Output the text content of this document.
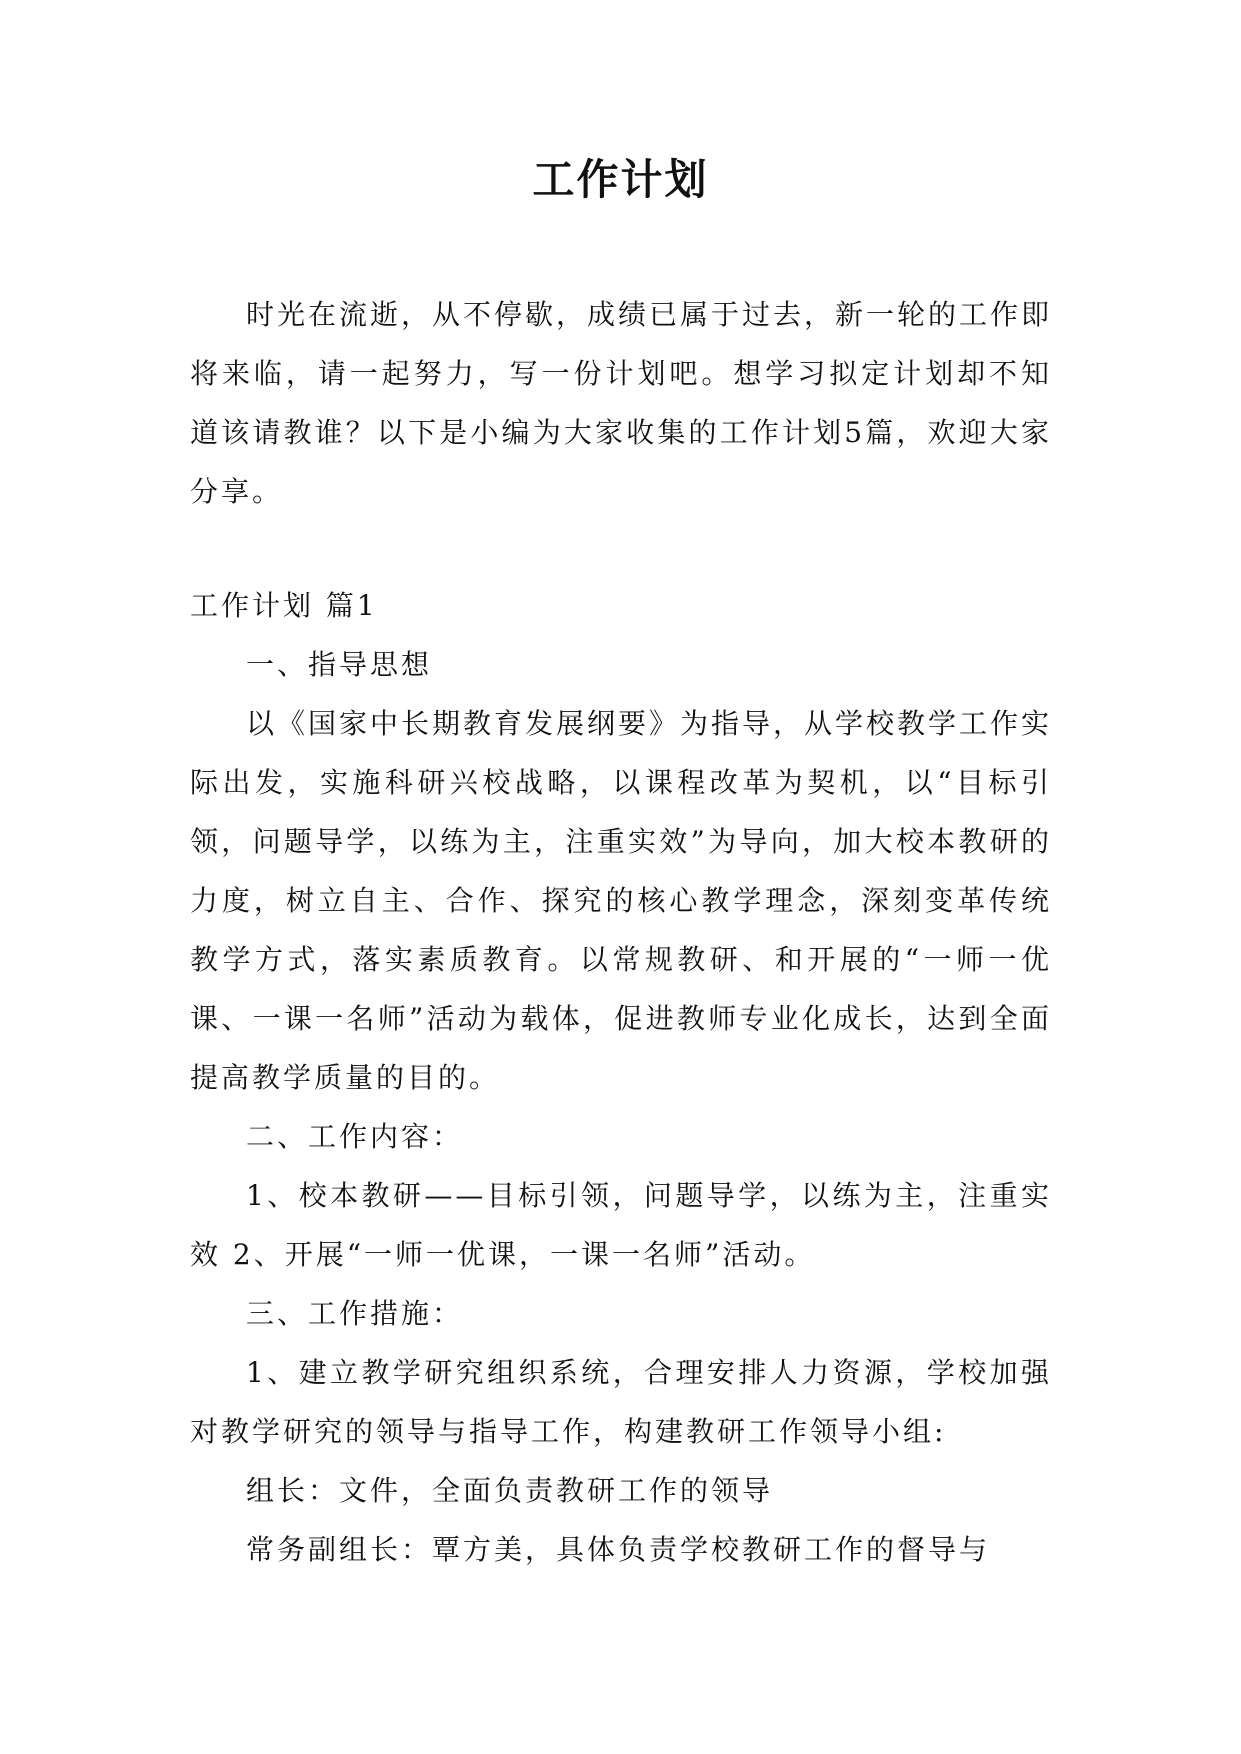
工作计划

时光在流逝，从不停歇，成绩已属于过去，新一轮的工作即将来临，请一起努力，写一份计划吧。想学习拟定计划却不知道该请教谁？以下是小编为大家收集的工作计划5篇，欢迎大家分享。

工作计划 篇1

一、指导思想

以《国家中长期教育发展纲要》为指导，从学校教学工作实际出发，实施科研兴校战略，以课程改革为契机，以“目标引领，问题导学，以练为主，注重实效”为导向，加大校本教研的力度，树立自主、合作、探究的核心教学理念，深刻变革传统教学方式，落实素质教育。以常规教研、和开展的“一师一优课、一课一名师”活动为载体，促进教师专业化成长，达到全面提高教学质量的目的。

二、工作内容：

1、校本教研——目标引领，问题导学，以练为主，注重实效 2、开展“一师一优课，一课一名师”活动。

三、工作措施：

1、建立教学研究组织系统，合理安排人力资源，学校加强对教学研究的领导与指导工作，构建教研工作领导小组:

组长：文件，全面负责教研工作的领导

常务副组长：覃方美，具体负责学校教研工作的督导与
